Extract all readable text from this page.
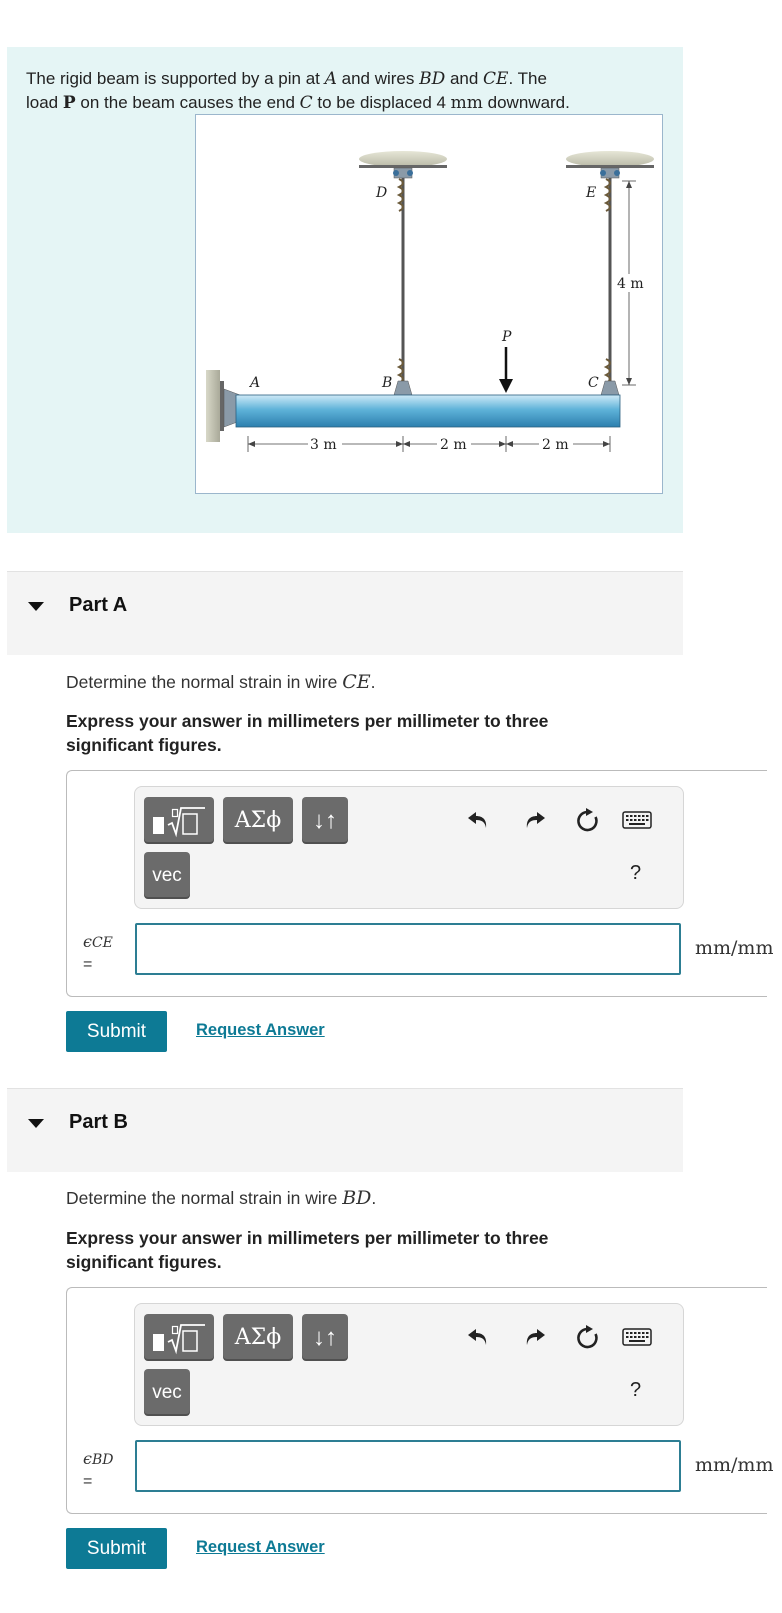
The rigid beam is supported by a pin at A and wires BD and CE. The
load P on the beam causes the end C to be displaced 4 mm downward.
D	E
P
A	B	C
4 m
3 m	2 m	2 m
Part A
Determine the normal strain in wire CE.
Express your answer in millimeters per millimeter to three significant figures.
ΑΣϕ	↓↑
vec	?
ϵCE
=
mm/mm
Submit	Request Answer
Part B
Determine the normal strain in wire BD.
Express your answer in millimeters per millimeter to three significant figures.
ΑΣϕ	↓↑
vec	?
ϵBD
=
mm/mm
Submit	Request Answer
